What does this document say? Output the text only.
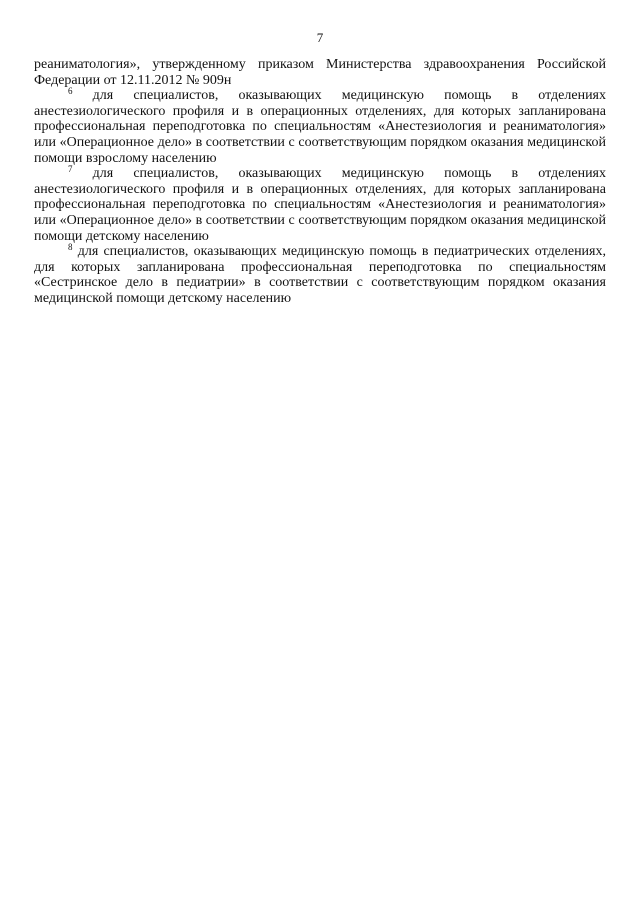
7

реаниматология», утвержденному приказом Министерства здравоохранения Российской Федерации от 12.11.2012 № 909н

$^6$ для специалистов, оказывающих медицинскую помощь в отделениях анестезиологического профиля и в операционных отделениях, для которых запланирована профессиональная переподготовка по специальностям «Анестезиология и реаниматология» или «Операционное дело» в соответствии с соответствующим порядком оказания медицинской помощи взрослому населению

$^7$ для специалистов, оказывающих медицинскую помощь в отделениях анестезиологического профиля и в операционных отделениях, для которых запланирована профессиональная переподготовка по специальностям «Анестезиология и реаниматология» или «Операционное дело» в соответствии с соответствующим порядком оказания медицинской помощи детскому населению

$^8$ для специалистов, оказывающих медицинскую помощь в педиатрических отделениях, для которых запланирована профессиональная переподготовка по специальностям «Сестринское дело в педиатрии» в соответствии с соответствующим порядком оказания медицинской помощи детскому населению
